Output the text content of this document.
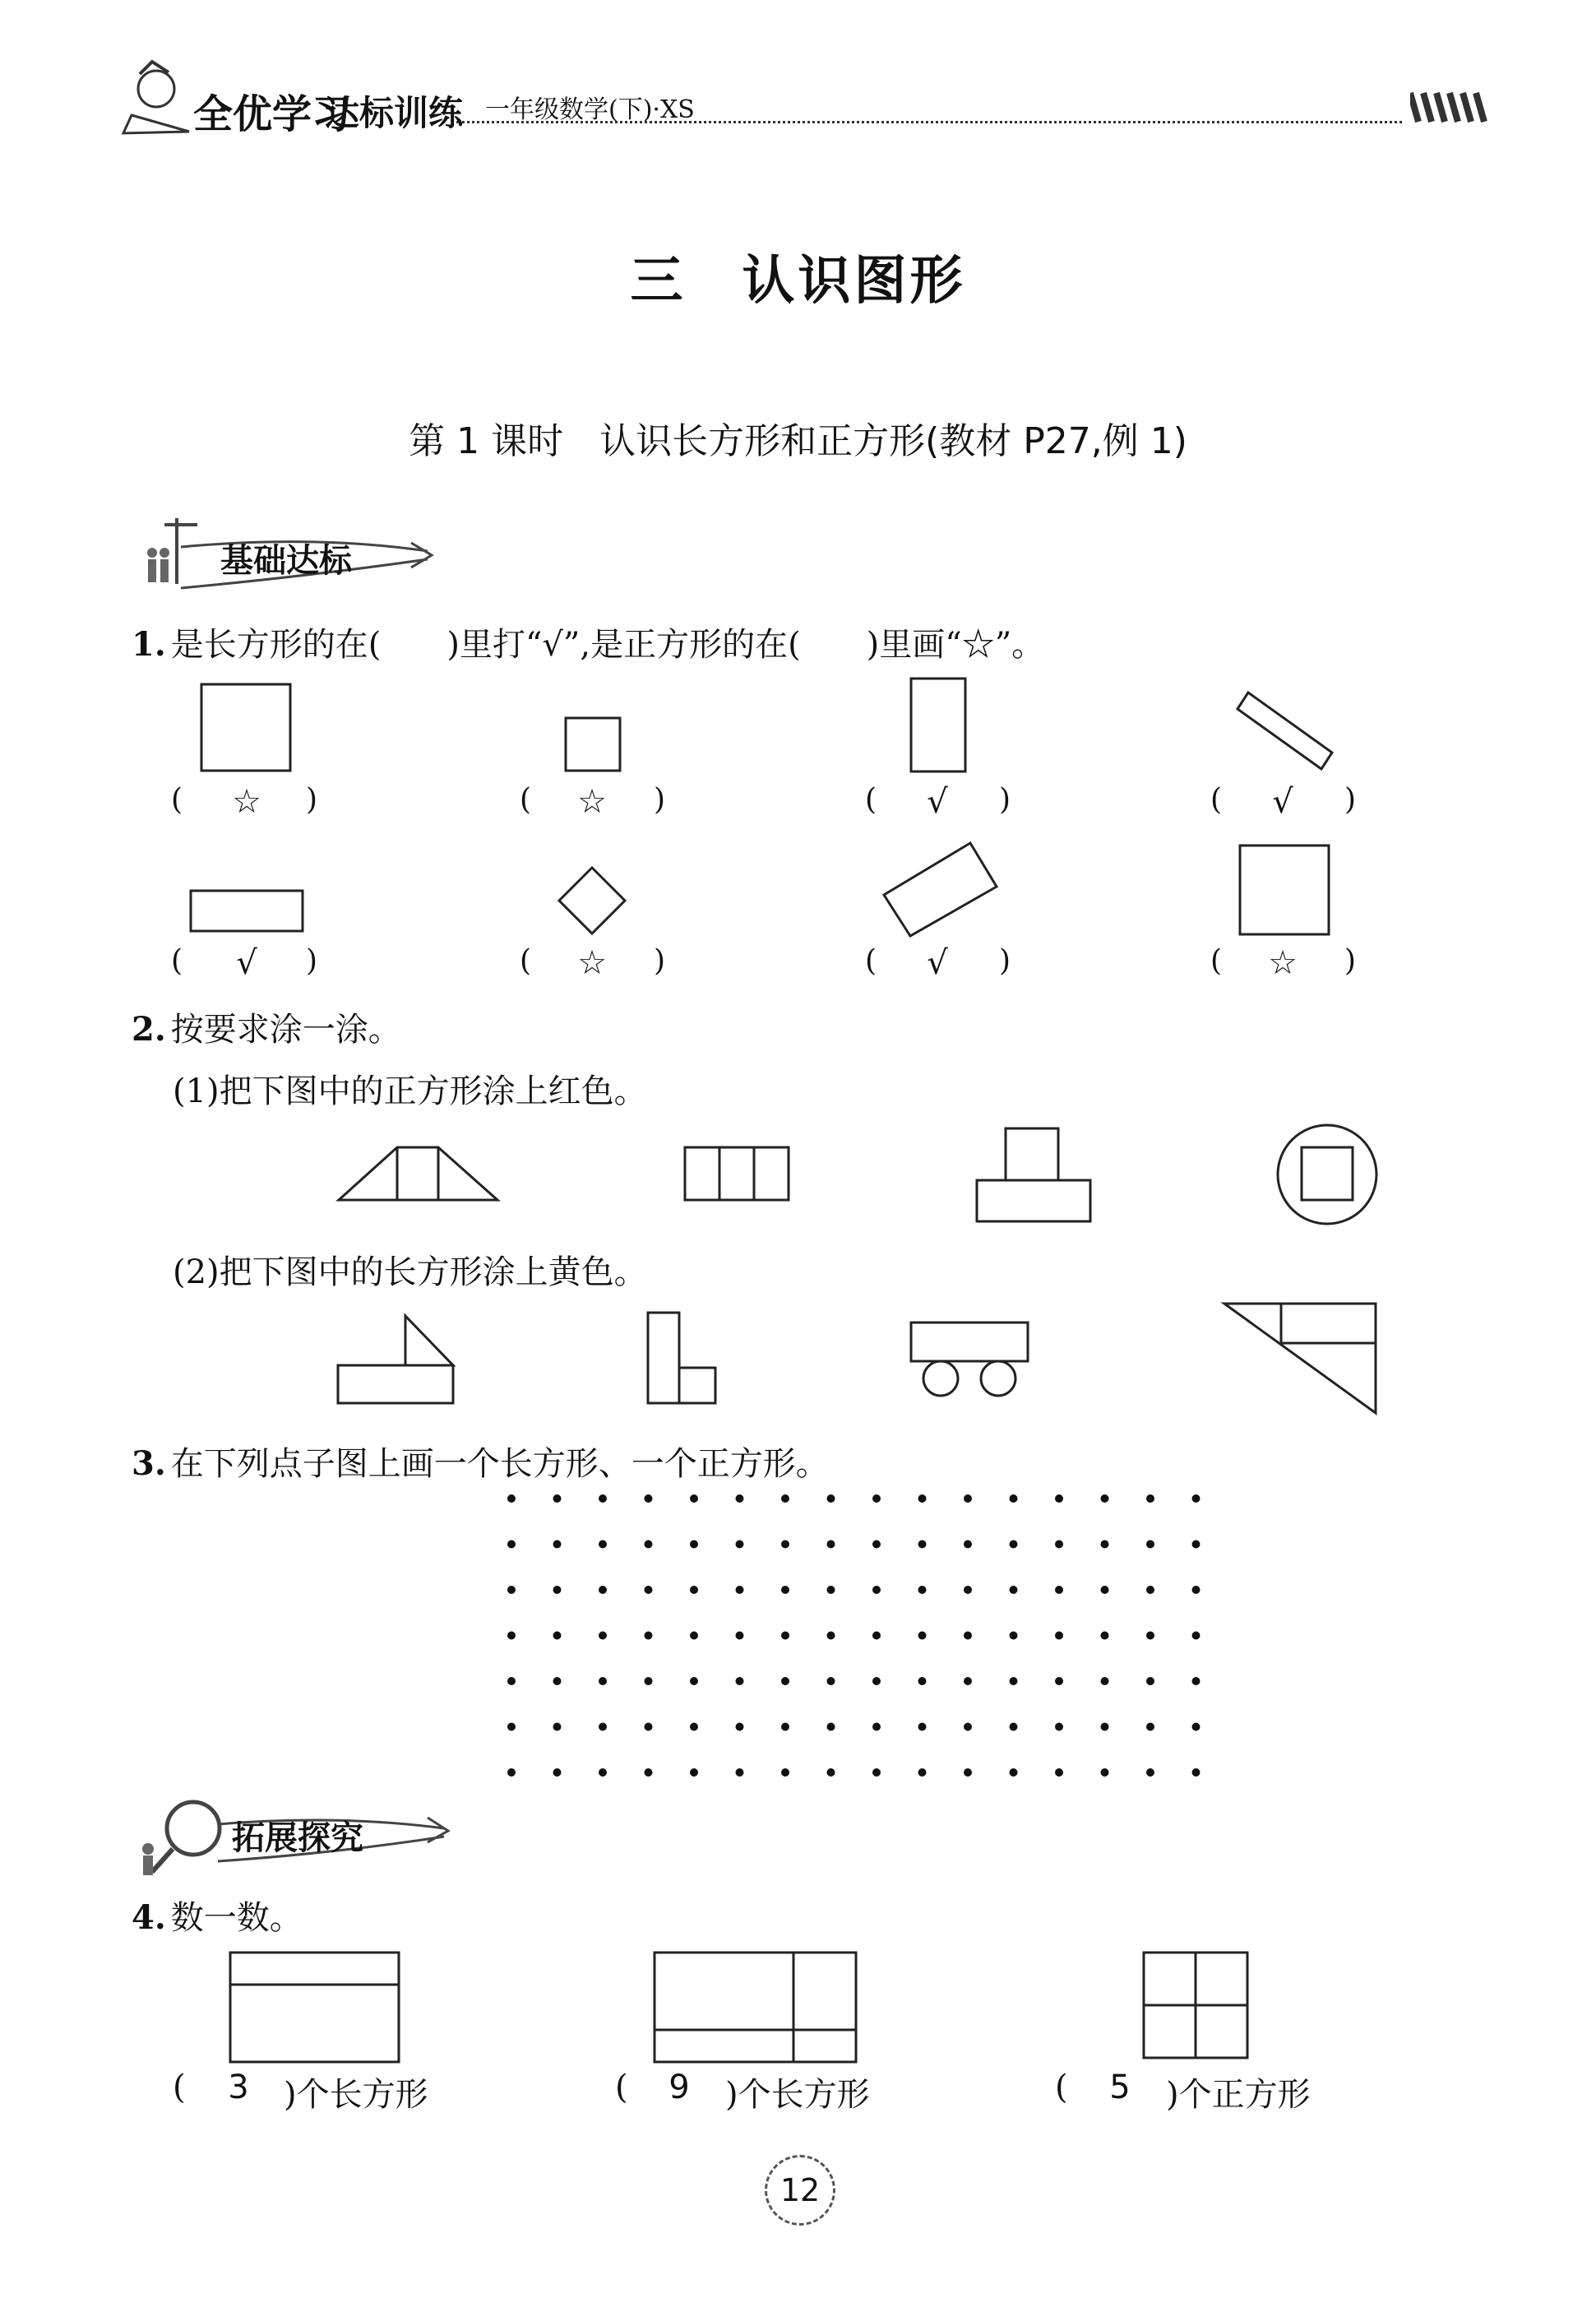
全优学习
达标训练 一年级数学(下)·XS
三　认识图形
第 1 课时　认识长方形和正方形(教材 P27,例 1)
基础达标
1. 是长方形的在(　　)里打“√”,是正方形的在(　　)里画“☆”。
(	☆	)	(	☆	)	(	√	)	(	√	)
(	√	)	(	☆	)	(	√	)	(	☆	)
2. 按要求涂一涂。
(1)把下图中的正方形涂上红色。
(2)把下图中的长方形涂上黄色。
3. 在下列点子图上画一个长方形、一个正方形。
拓展探究
4. 数一数。
(	3	)个长方形	(	9	)个长方形	(	5	)个正方形
12
